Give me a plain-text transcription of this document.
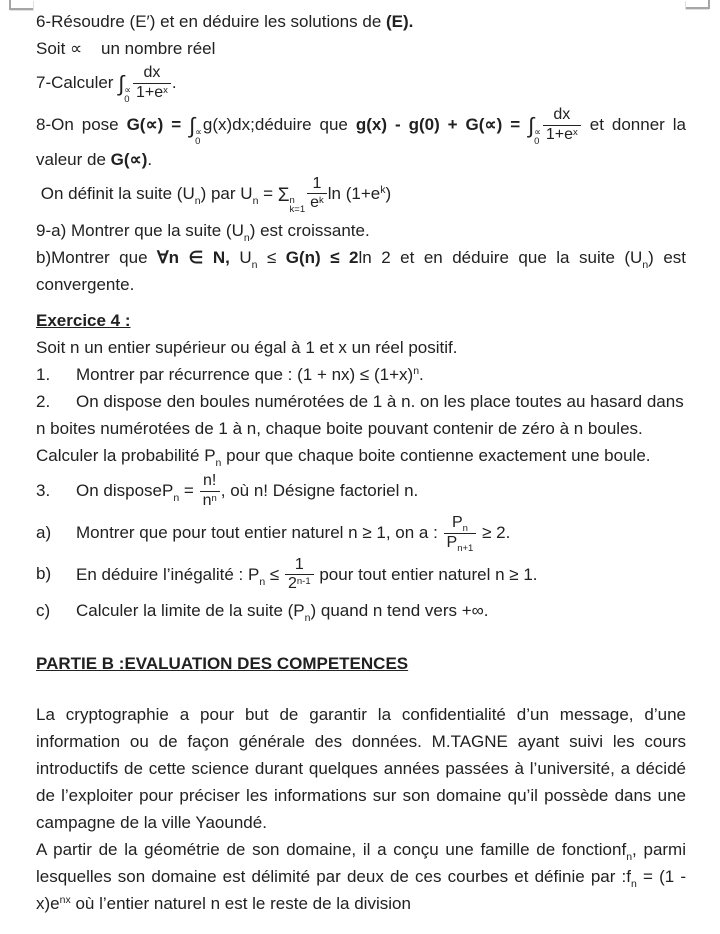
6-Résoudre (E′) et en déduire les solutions de (E).

Soit ∝    un nombre réel

7-Calculer ∫ ∝
$0 \frac{dx}{1+e^x}$ .

8-On pose G(∝) = ∫ ∝
0
g(x)dx;déduire que g(x) - g(0) + G(∝) = ∫ ∝
$0 \frac{dx}{1+e^x}$ et donner la valeur de G(∝).

On définit la suite $(U_n)$ par $U_n = \Sigma$ n
$k=1 \frac{1}{e^k}$ $\ln (1+e^k)$

9-a) Montrer que la suite $(U_n)$ est croissante.

b)Montrer que ∀n ∈ N, $U_n \le G(n) \le 2\ln$ 2 et en déduire que la suite $(U_n)$ est convergente.

Exercice 4 :

Soit n un entier supérieur ou égal à 1 et x un réel positif.

1. Montrer par récurrence que : $(1 + nx) \le (1+x)^n$.

2. On dispose den boules numérotées de 1 à n. on les place toutes au hasard dans n boites numérotées de 1 à n, chaque boite pouvant contenir de zéro à n boules. Calculer la probabilité $P_n$ pour que chaque boite contienne exactement une boule.

3. On disposeP$_n$ = $\frac{n!}{n^n}$ , où n! Désigne factoriel n.

a) Montrer que pour tout entier naturel n ≥ 1, on a : $\frac{P_n}{P_{n+1}} \ge 2$.

b) En déduire l’inégalité : $P_n \le \frac{1}{2^{n-1}}$ pour tout entier naturel n ≥ 1.

c) Calculer la limite de la suite $(P_n)$ quand n tend vers +∞.

PARTIE B :EVALUATION DES COMPETENCES

La cryptographie a pour but de garantir la confidentialité d’un message, d’une information ou de façon générale des données. M.TAGNE ayant suivi les cours introductifs de cette science durant quelques années passées à l’université, a décidé de l’exploiter pour préciser les informations sur son domaine qu’il possède dans une campagne de la ville Yaoundé.

A partir de la géométrie de son domaine, il a conçu une famille de fonctionf$_n$, parmi lesquelles son domaine est délimité par deux de ces courbes et définie par $:f_n = (1 - x)e^{nx}$ où l’entier naturel n est le reste de la division
